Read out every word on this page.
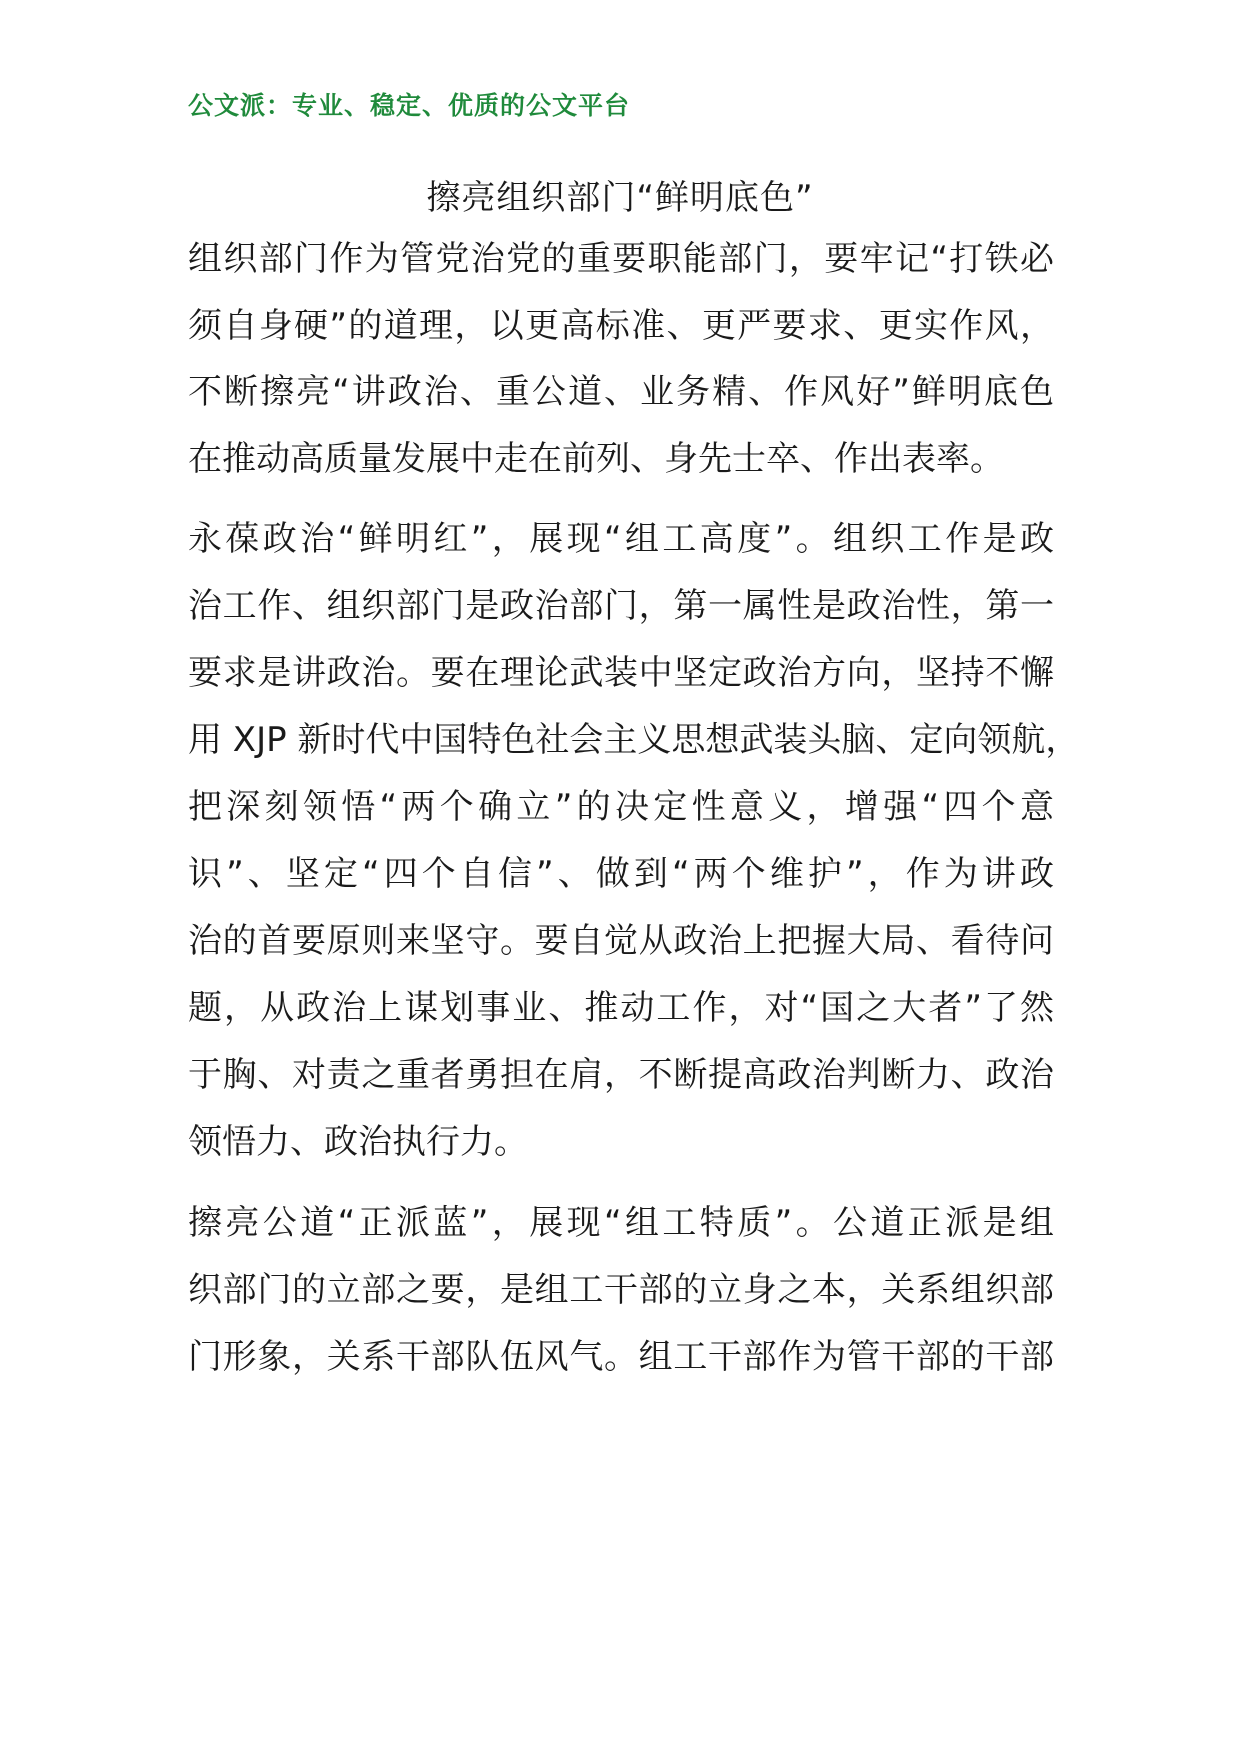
公文派：专业、稳定、优质的公文平台
擦亮组织部门“鲜明底色”
组织部门作为管党治党的重要职能部门，要牢记“打铁必
须自身硬”的道理，以更高标准、更严要求、更实作风，
不断擦亮“讲政治、重公道、业务精、作风好”鲜明底色
在推动高质量发展中走在前列、身先士卒、作出表率。
永葆政治“鲜明红”，展现“组工高度”。组织工作是政
治工作、组织部门是政治部门，第一属性是政治性，第一
要求是讲政治。要在理论武装中坚定政治方向，坚持不懈
用 XJP 新时代中国特色社会主义思想武装头脑、定向领航，
把深刻领悟“两个确立”的决定性意义，增强“四个意
识”、坚定“四个自信”、做到“两个维护”，作为讲政
治的首要原则来坚守。要自觉从政治上把握大局、看待问
题，从政治上谋划事业、推动工作，对“国之大者”了然
于胸、对责之重者勇担在肩，不断提高政治判断力、政治
领悟力、政治执行力。
擦亮公道“正派蓝”，展现“组工特质”。公道正派是组
织部门的立部之要，是组工干部的立身之本，关系组织部
门形象，关系干部队伍风气。组工干部作为管干部的干部
